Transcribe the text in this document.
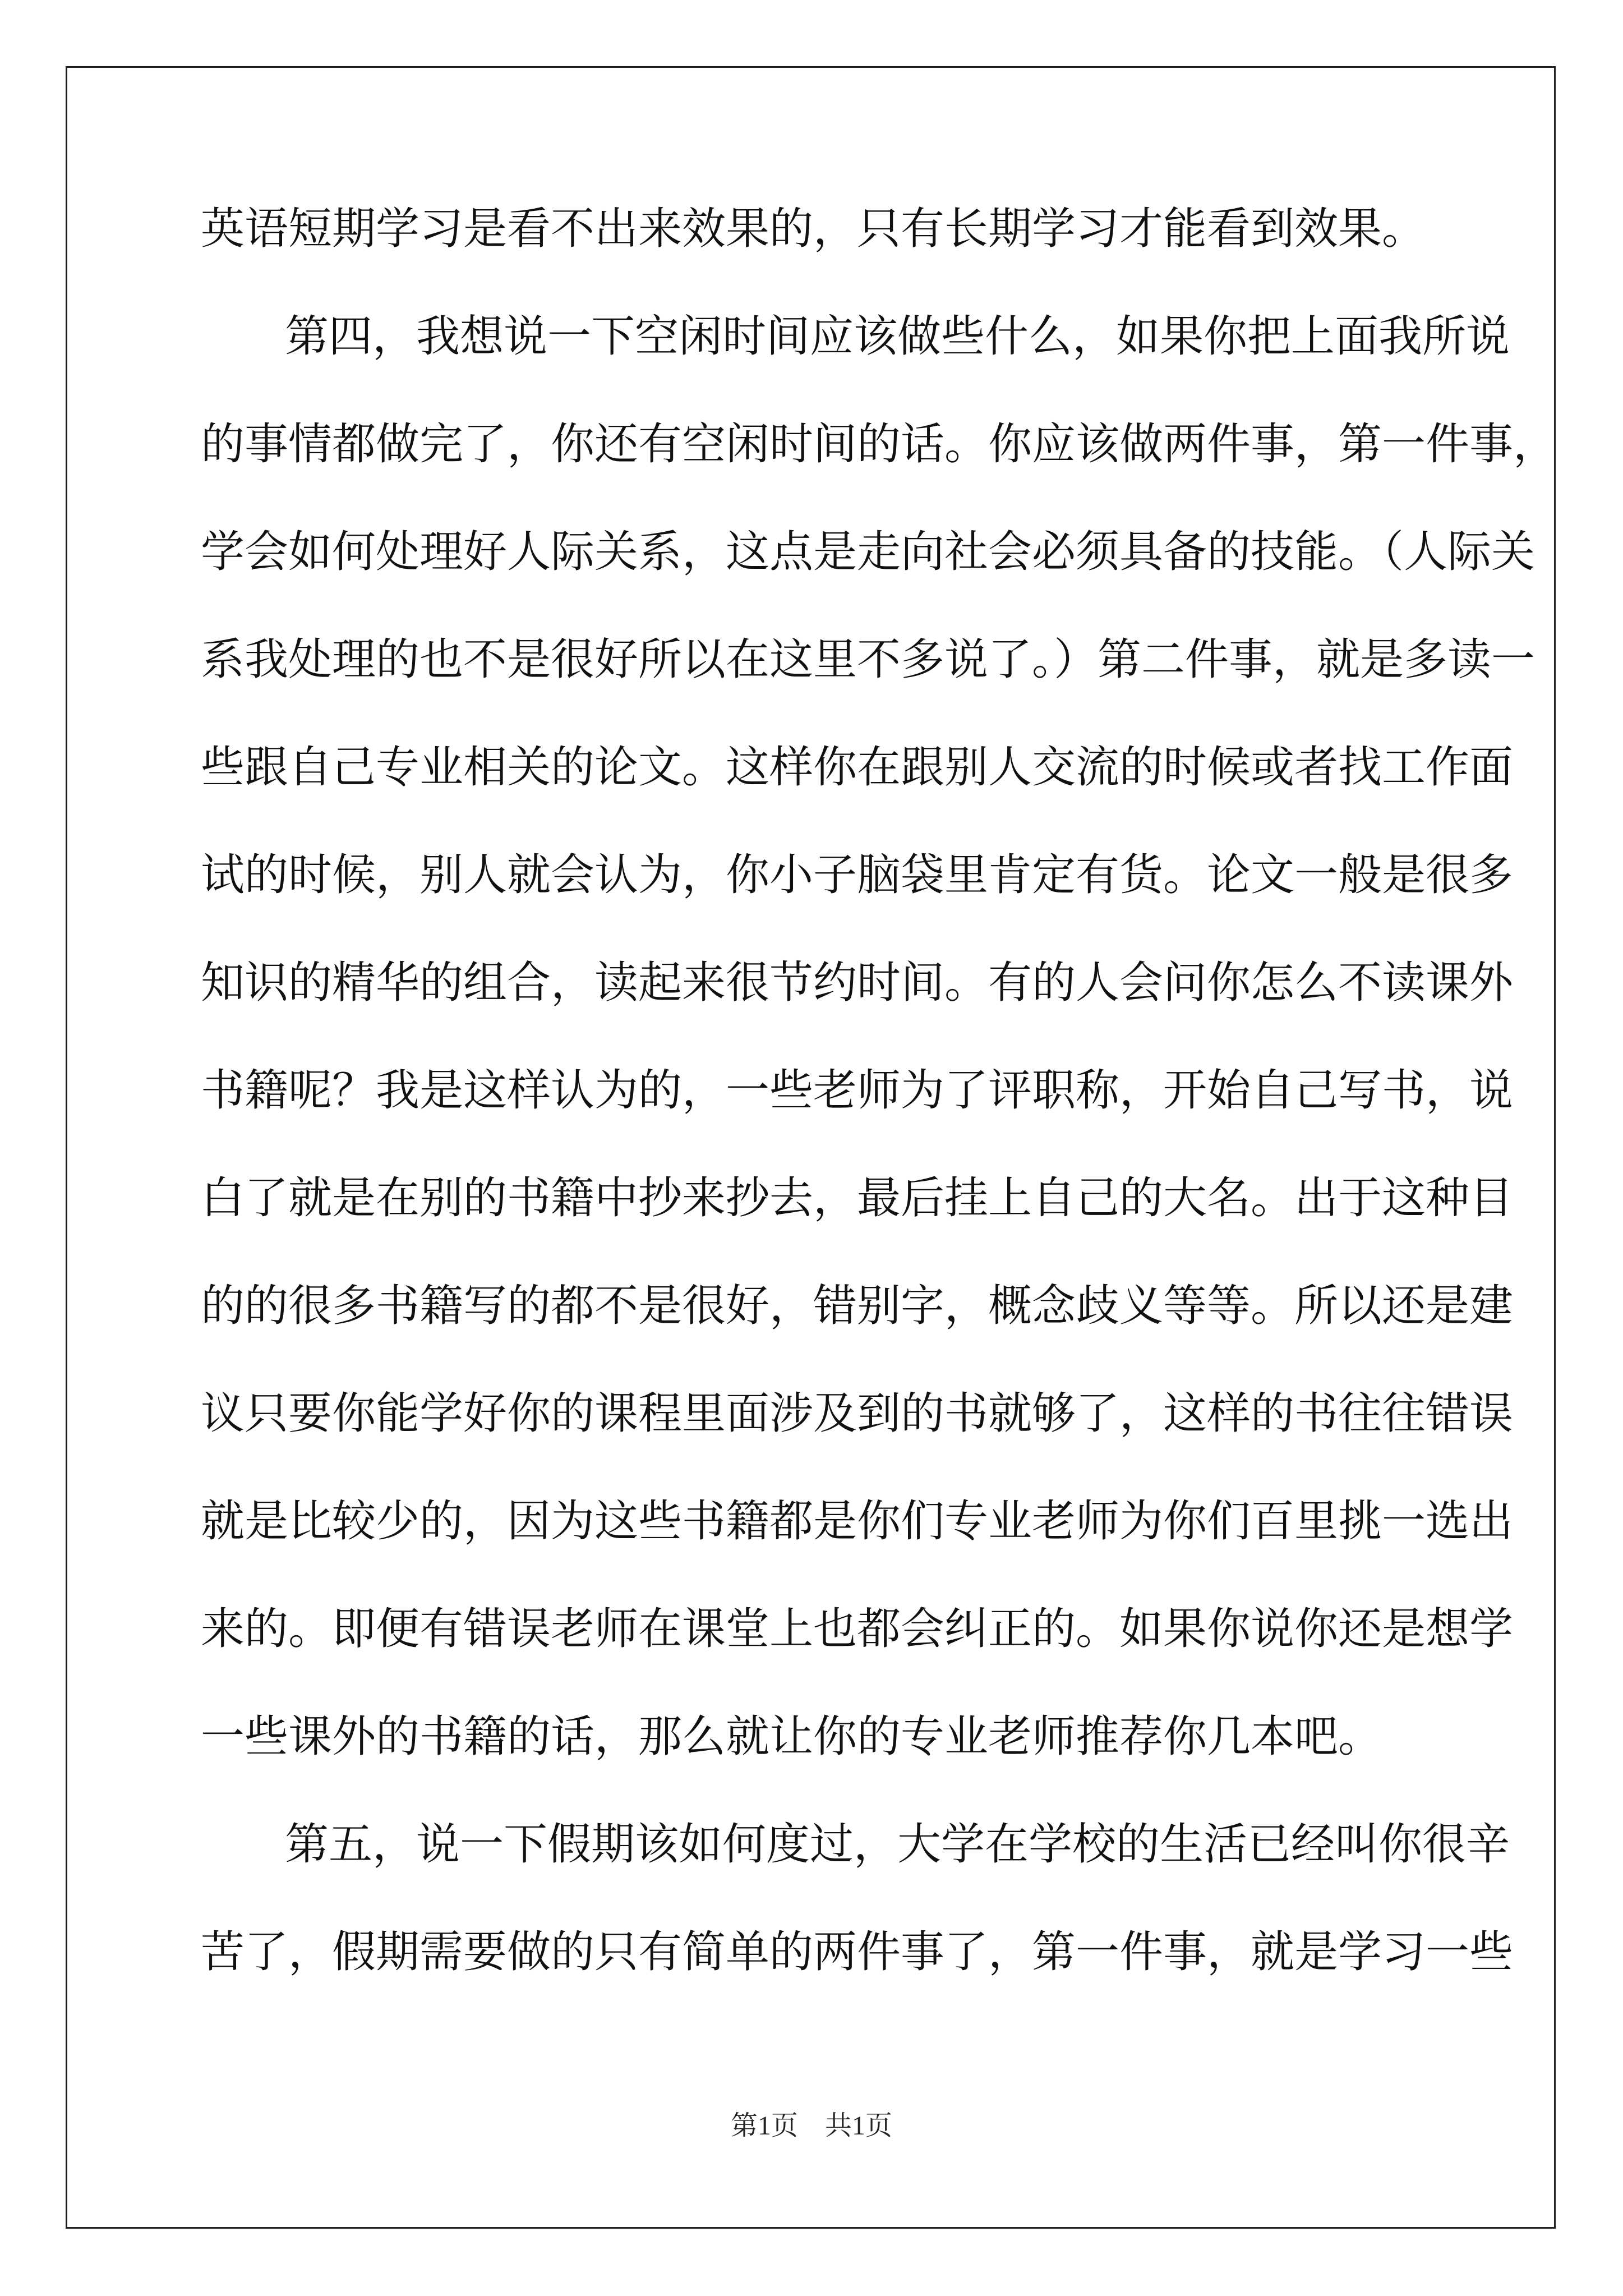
英语短期学习是看不出来效果的，只有长期学习才能看到效果。
第四，我想说一下空闲时间应该做些什么，如果你把上面我所说
的事情都做完了，你还有空闲时间的话。你应该做两件事，第一件事，
学会如何处理好人际关系，这点是走向社会必须具备的技能。（人际关
系我处理的也不是很好所以在这里不多说了。）第二件事，就是多读一
些跟自己专业相关的论文。这样你在跟别人交流的时候或者找工作面
试的时候，别人就会认为，你小子脑袋里肯定有货。论文一般是很多
知识的精华的组合，读起来很节约时间。有的人会问你怎么不读课外
书籍呢？我是这样认为的，一些老师为了评职称，开始自己写书，说
白了就是在别的书籍中抄来抄去，最后挂上自己的大名。出于这种目
的的很多书籍写的都不是很好，错别字，概念歧义等等。所以还是建
议只要你能学好你的课程里面涉及到的书就够了，这样的书往往错误
就是比较少的，因为这些书籍都是你们专业老师为你们百里挑一选出
来的。即便有错误老师在课堂上也都会纠正的。如果你说你还是想学
一些课外的书籍的话，那么就让你的专业老师推荐你几本吧。
第五，说一下假期该如何度过，大学在学校的生活已经叫你很辛
苦了，假期需要做的只有简单的两件事了，第一件事，就是学习一些
第1页　共1页
